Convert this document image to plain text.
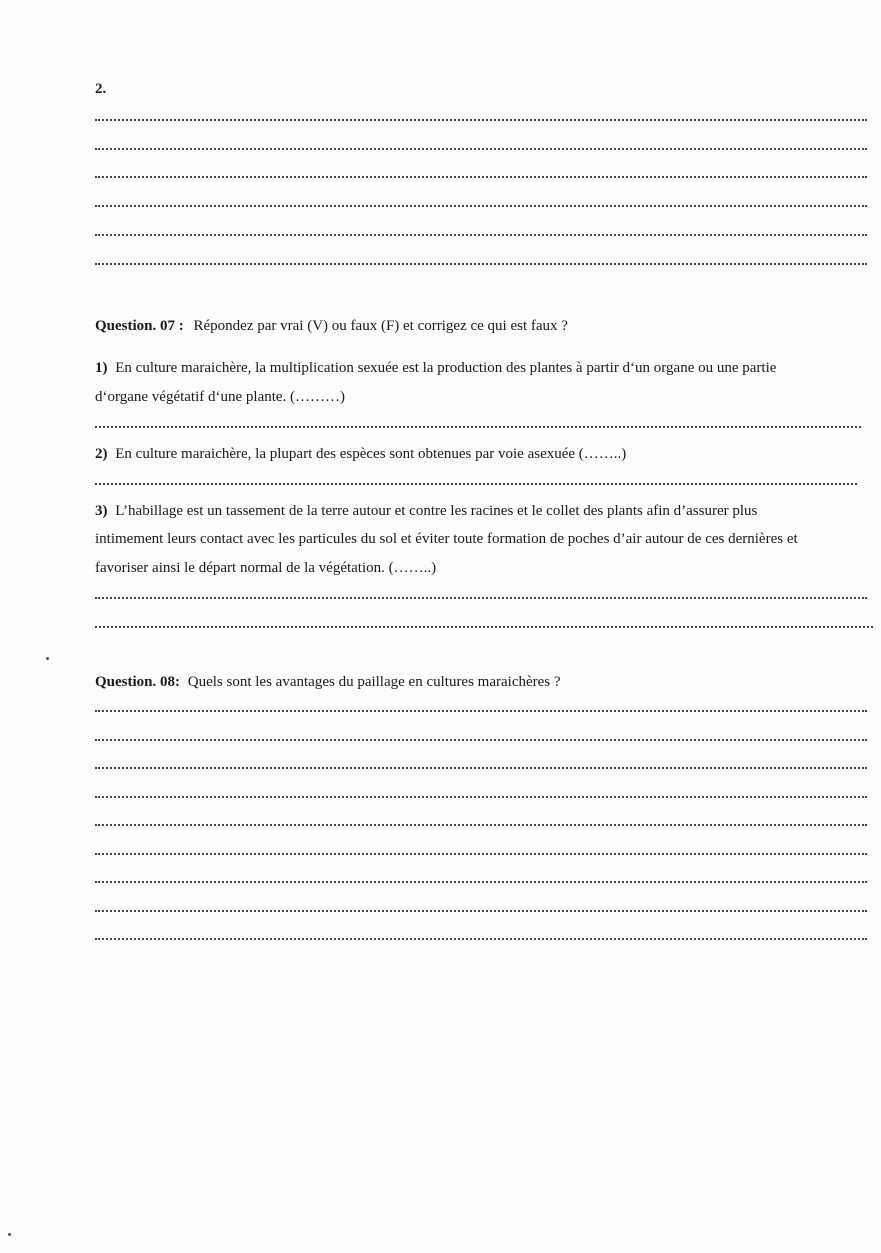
2.
Question. 07 : Répondez par vrai (V) ou faux (F) et corrigez ce qui est faux ?
1) En culture maraichère, la multiplication sexuée est la production des plantes à partir d‘un organe ou une partie
d‘organe végétatif d‘une plante. (………)
2) En culture maraichère, la plupart des espèces sont obtenues par voie asexuée (……..)
3) L’habillage est un tassement de la terre autour et contre les racines et le collet des plants afin d’assurer plus
intimement leurs contact avec les particules du sol et éviter toute formation de poches d’air autour de ces dernières et
favoriser ainsi le départ normal de la végétation. (……..)
Question. 08: Quels sont les avantages du paillage en cultures maraichères ?
